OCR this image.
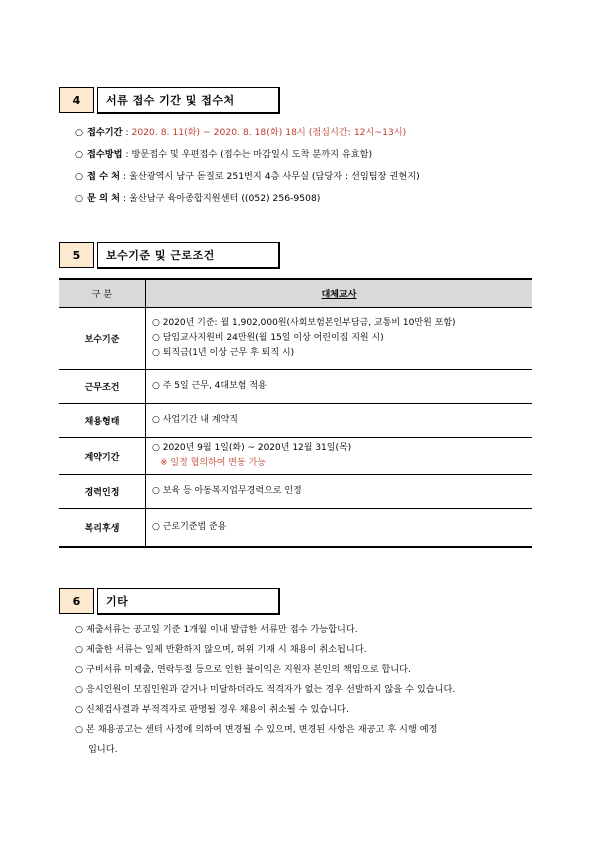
4	서류 접수 기간 및 접수처
○ 접수기간 : 2020. 8. 11(화) ~ 2020. 8. 18(화) 18시 (점심시간: 12시~13시)
○ 접수방법 : 방문접수 및 우편접수 (접수는 마감일시 도착 분까지 유효함)
○ 접 수 처 : 울산광역시 남구 돋질로 251번지 4층 사무실 (담당자 : 선임팀장 권현지)
○ 문 의 처 : 울산남구 육아종합지원센터 ((052) 256-9508)
5	보수기준 및 근로조건
구 분	대체교사
보수기준	○ 2020년 기준: 월 1,902,000원(사회보험본인부담금, 교통비 10만원 포함)
○ 담임교사지원비 24만원(월 15일 이상 어린이집 지원 시)
○ 퇴직금(1년 이상 근무 후 퇴직 시)

근무조건	○ 주 5일 근무, 4대보험 적용

채용형태	○ 사업기간 내 계약직

계약기간	○ 2020년 9월 1일(화) ~ 2020년 12월 31일(목)
※ 일정 협의하여 변동 가능

경력인정	○ 보육 등 아동복지업무경력으로 인정

복리후생	○ 근로기준법 준용
6	기타
○ 제출서류는 공고일 기준 1개월 이내 발급한 서류만 접수 가능합니다.
○ 제출한 서류는 일체 반환하지 않으며, 허위 기재 시 채용이 취소됩니다.
○ 구비서류 미제출, 연락두절 등으로 인한 불이익은 지원자 본인의 책임으로 합니다.
○ 응시인원이 모집인원과 같거나 미달하더라도 적격자가 없는 경우 선발하지 않을 수 있습니다.
○ 신체검사결과 부적격자로 판명될 경우 채용이 취소될 수 있습니다.
○ 본 채용공고는 센터 사정에 의하여 변경될 수 있으며, 변경된 사항은 재공고 후 시행 예정
입니다.
